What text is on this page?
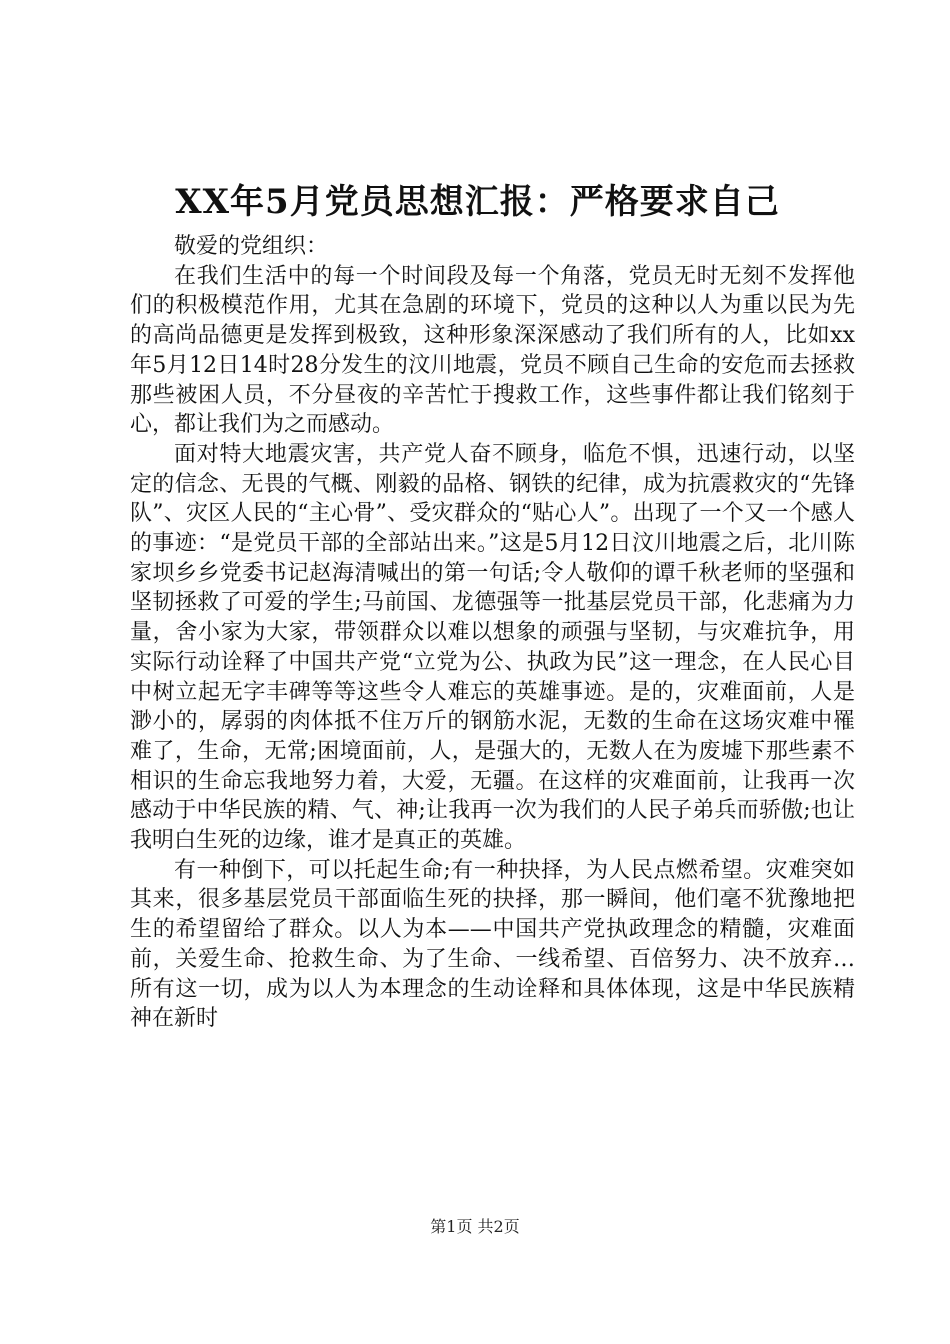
XX年5月党员思想汇报：严格要求自己

敬爱的党组织：

在我们生活中的每一个时间段及每一个角落，党员无时无刻不发挥他们的积极模范作用，尤其在急剧的环境下，党员的这种以人为重以民为先的高尚品德更是发挥到极致，这种形象深深感动了我们所有的人，比如xx年5月12日14时28分发生的汶川地震，党员不顾自己生命的安危而去拯救那些被困人员，不分昼夜的辛苦忙于搜救工作，这些事件都让我们铭刻于心，都让我们为之而感动。

面对特大地震灾害，共产党人奋不顾身，临危不惧，迅速行动，以坚定的信念、无畏的气概、刚毅的品格、钢铁的纪律，成为抗震救灾的“先锋队”、灾区人民的“主心骨”、受灾群众的“贴心人”。出现了一个又一个感人的事迹：“是党员干部的全部站出来。”这是5月12日汶川地震之后，北川陈家坝乡乡党委书记赵海清喊出的第一句话;令人敬仰的谭千秋老师的坚强和坚韧拯救了可爱的学生;马前国、龙德强等一批基层党员干部，化悲痛为力量，舍小家为大家，带领群众以难以想象的顽强与坚韧，与灾难抗争，用实际行动诠释了中国共产党“立党为公、执政为民”这一理念，在人民心目中树立起无字丰碑等等这些令人难忘的英雄事迹。是的，灾难面前，人是渺小的，孱弱的肉体抵不住万斤的钢筋水泥，无数的生命在这场灾难中罹难了，生命，无常;困境面前，人，是强大的，无数人在为废墟下那些素不相识的生命忘我地努力着，大爱，无疆。在这样的灾难面前，让我再一次感动于中华民族的精、气、神;让我再一次为我们的人民子弟兵而骄傲;也让我明白生死的边缘，谁才是真正的英雄。

有一种倒下，可以托起生命;有一种抉择，为人民点燃希望。灾难突如其来，很多基层党员干部面临生死的抉择，那一瞬间，他们毫不犹豫地把生的希望留给了群众。以人为本——中国共产党执政理念的精髓，灾难面前，关爱生命、抢救生命、为了生命、一线希望、百倍努力、决不放弃…所有这一切，成为以人为本理念的生动诠释和具体体现，这是中华民族精神在新时

第1页 共2页
